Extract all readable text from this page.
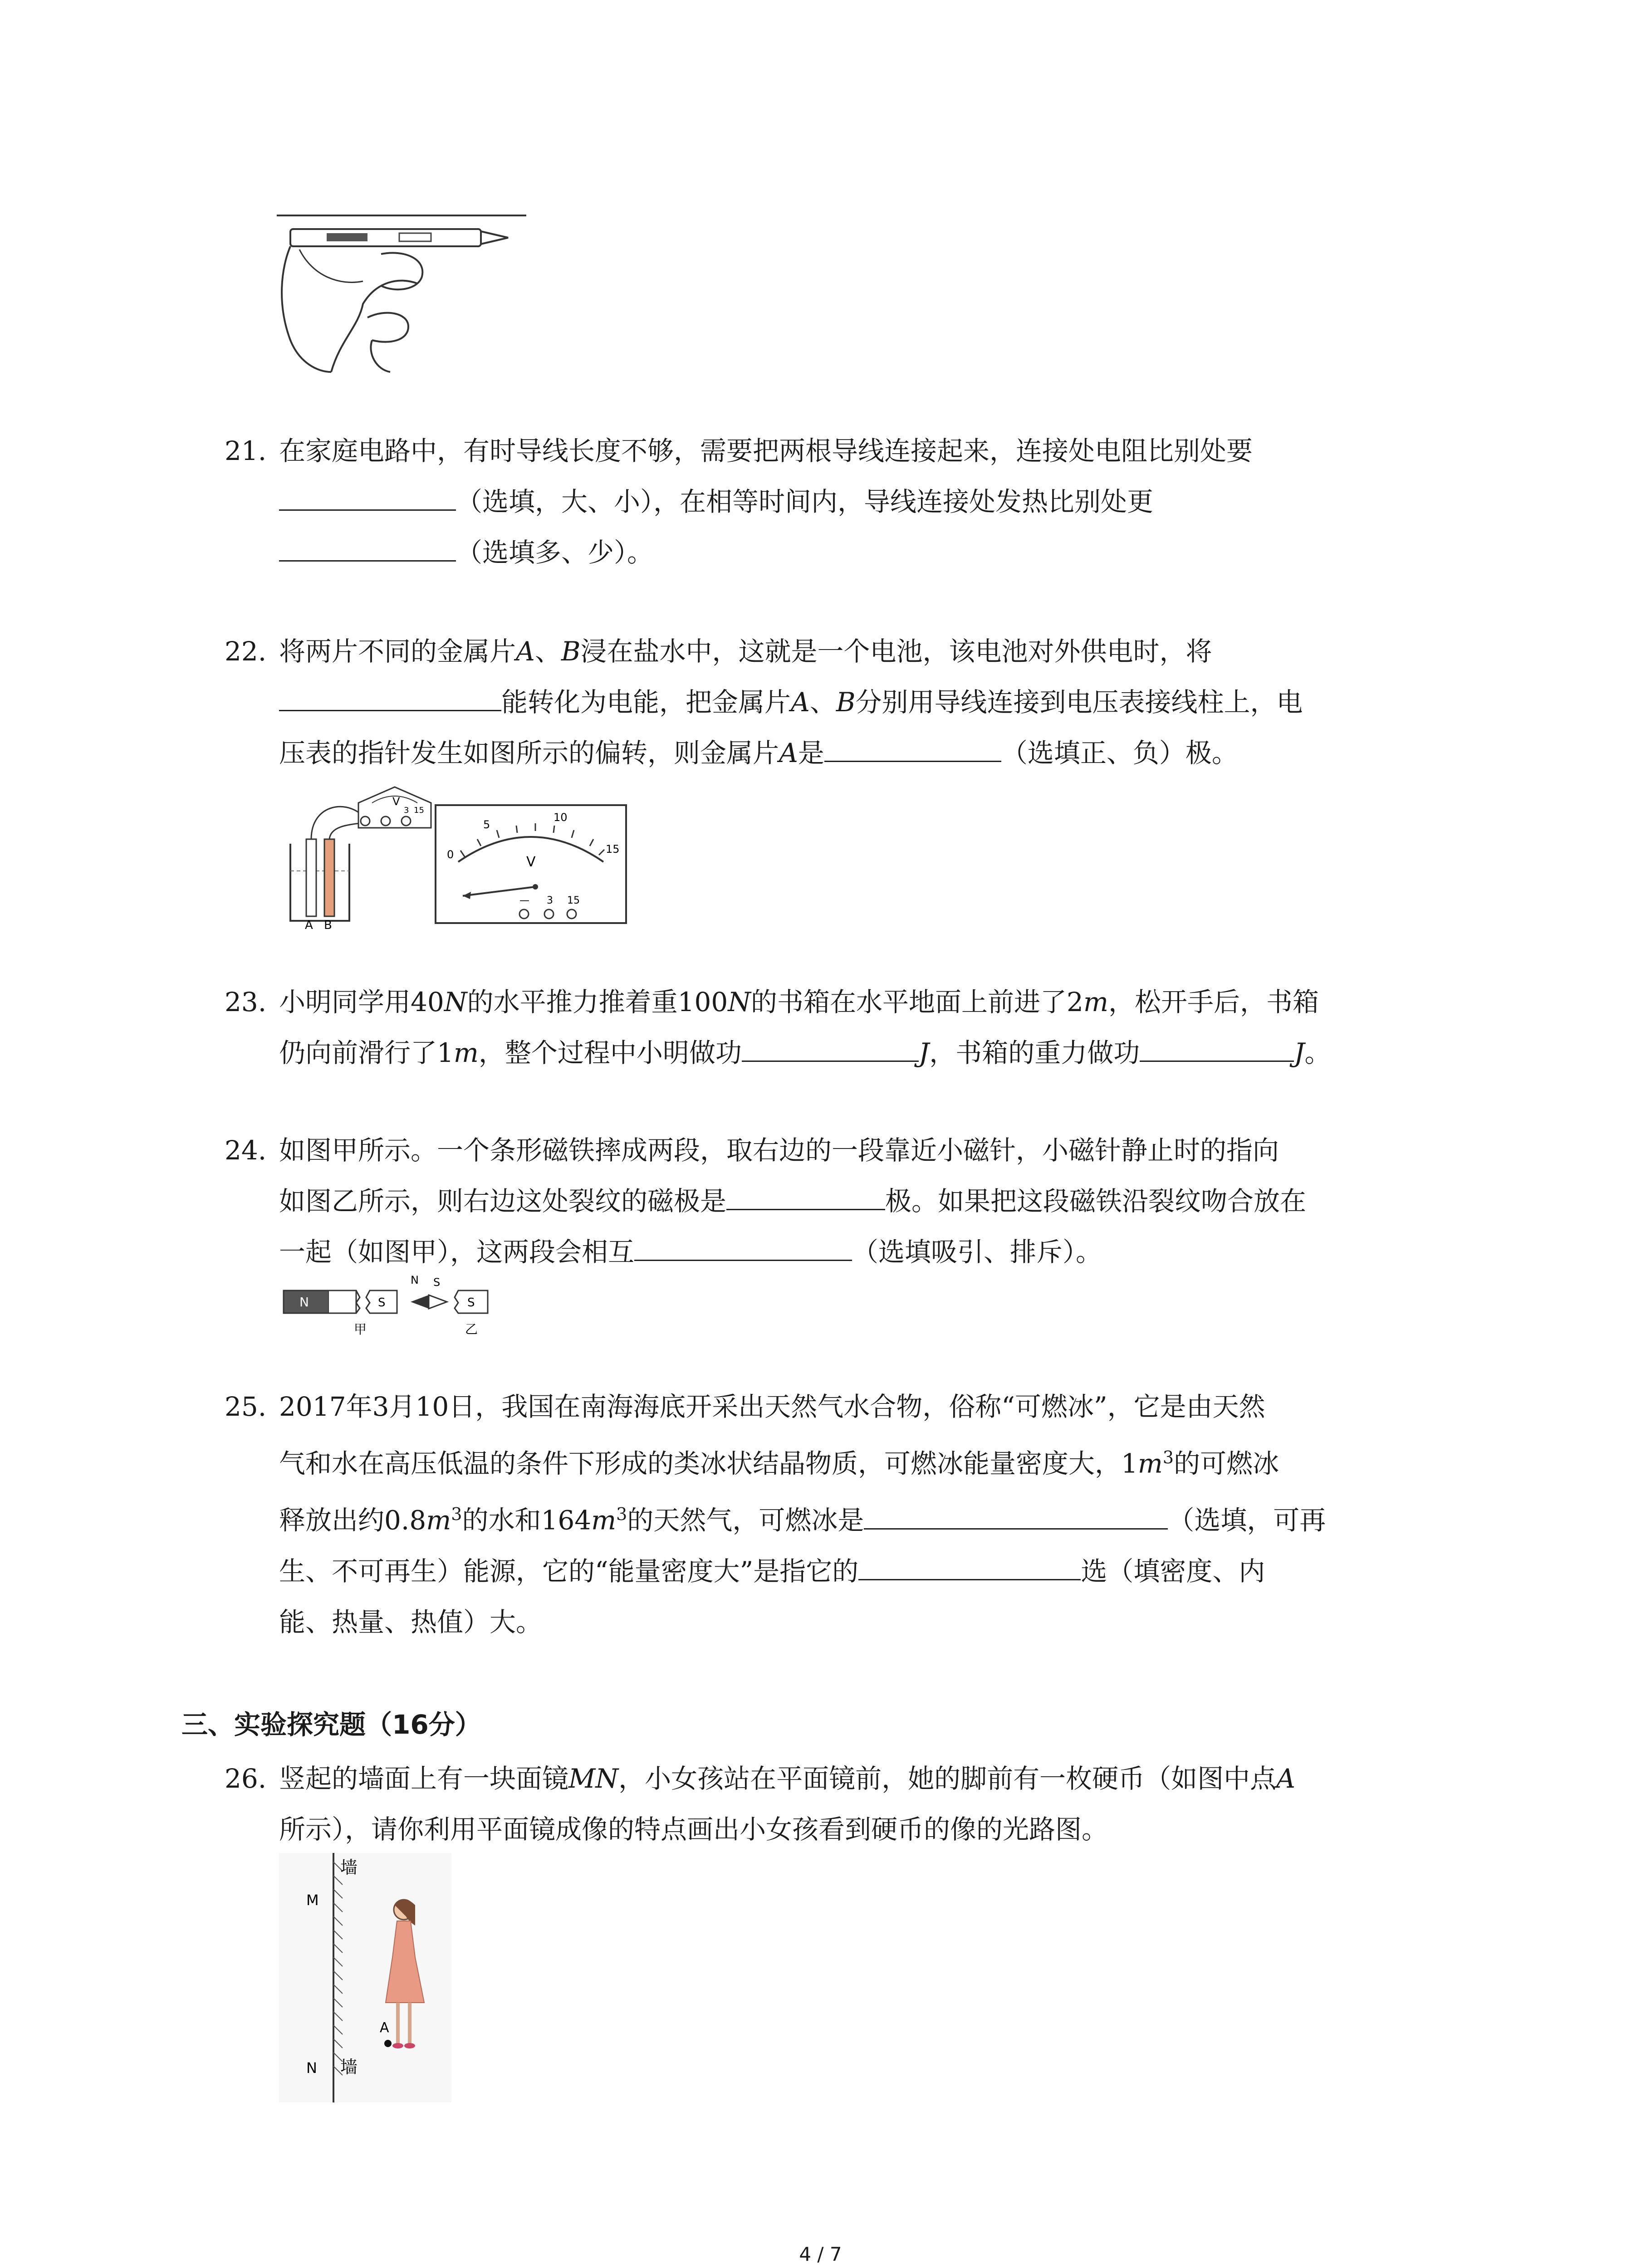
21. 在家庭电路中，有时导线长度不够，需要把两根导线连接起来，连接处电阻比别处要
（选填，大、小），在相等时间内，导线连接处发热比别处更
（选填多、少）。
22. 将两片不同的金属片A、B浸在盐水中，这就是一个电池，该电池对外供电时，将
能转化为电能，把金属片A、B分别用导线连接到电压表接线柱上，电
压表的指针发生如图所示的偏转，则金属片A是	（选填正、负）极。
A B
V
3 15
0
5
10
15
V
— 3 15
23. 小明同学用40N的水平推力推着重100N的书箱在水平地面上前进了2m，松开手后，书箱
仍向前滑行了1m，整个过程中小明做功	J，书箱的重力做功	J。
24. 如图甲所示。一个条形磁铁摔成两段，取右边的一段靠近小磁针，小磁针静止时的指向
如图乙所示，则右边这处裂纹的磁极是	极。如果把这段磁铁沿裂纹吻合放在
一起（如图甲），这两段会相互	（选填吸引、排斥）。
N	S
甲
N S
S
乙
25. 2017年3月10日，我国在南海海底开采出天然气水合物，俗称“可燃冰”，它是由天然
气和水在高压低温的条件下形成的类冰状结晶物质，可燃冰能量密度大，$1m^3$的可燃冰
释放出约$0.8m^3$的水和$164m^3$的天然气，可燃冰是	（选填，可再
生、不可再生）能源，它的“能量密度大”是指它的	选（填密度、内
能、热量、热值）大。
三、实验探究题（16分）
26. 竖起的墙面上有一块面镜MN，小女孩站在平面镜前，她的脚前有一枚硬币（如图中点A
所示），请你利用平面镜成像的特点画出小女孩看到硬币的像的光路图。
墙
M
N 墙
A
4 / 7
